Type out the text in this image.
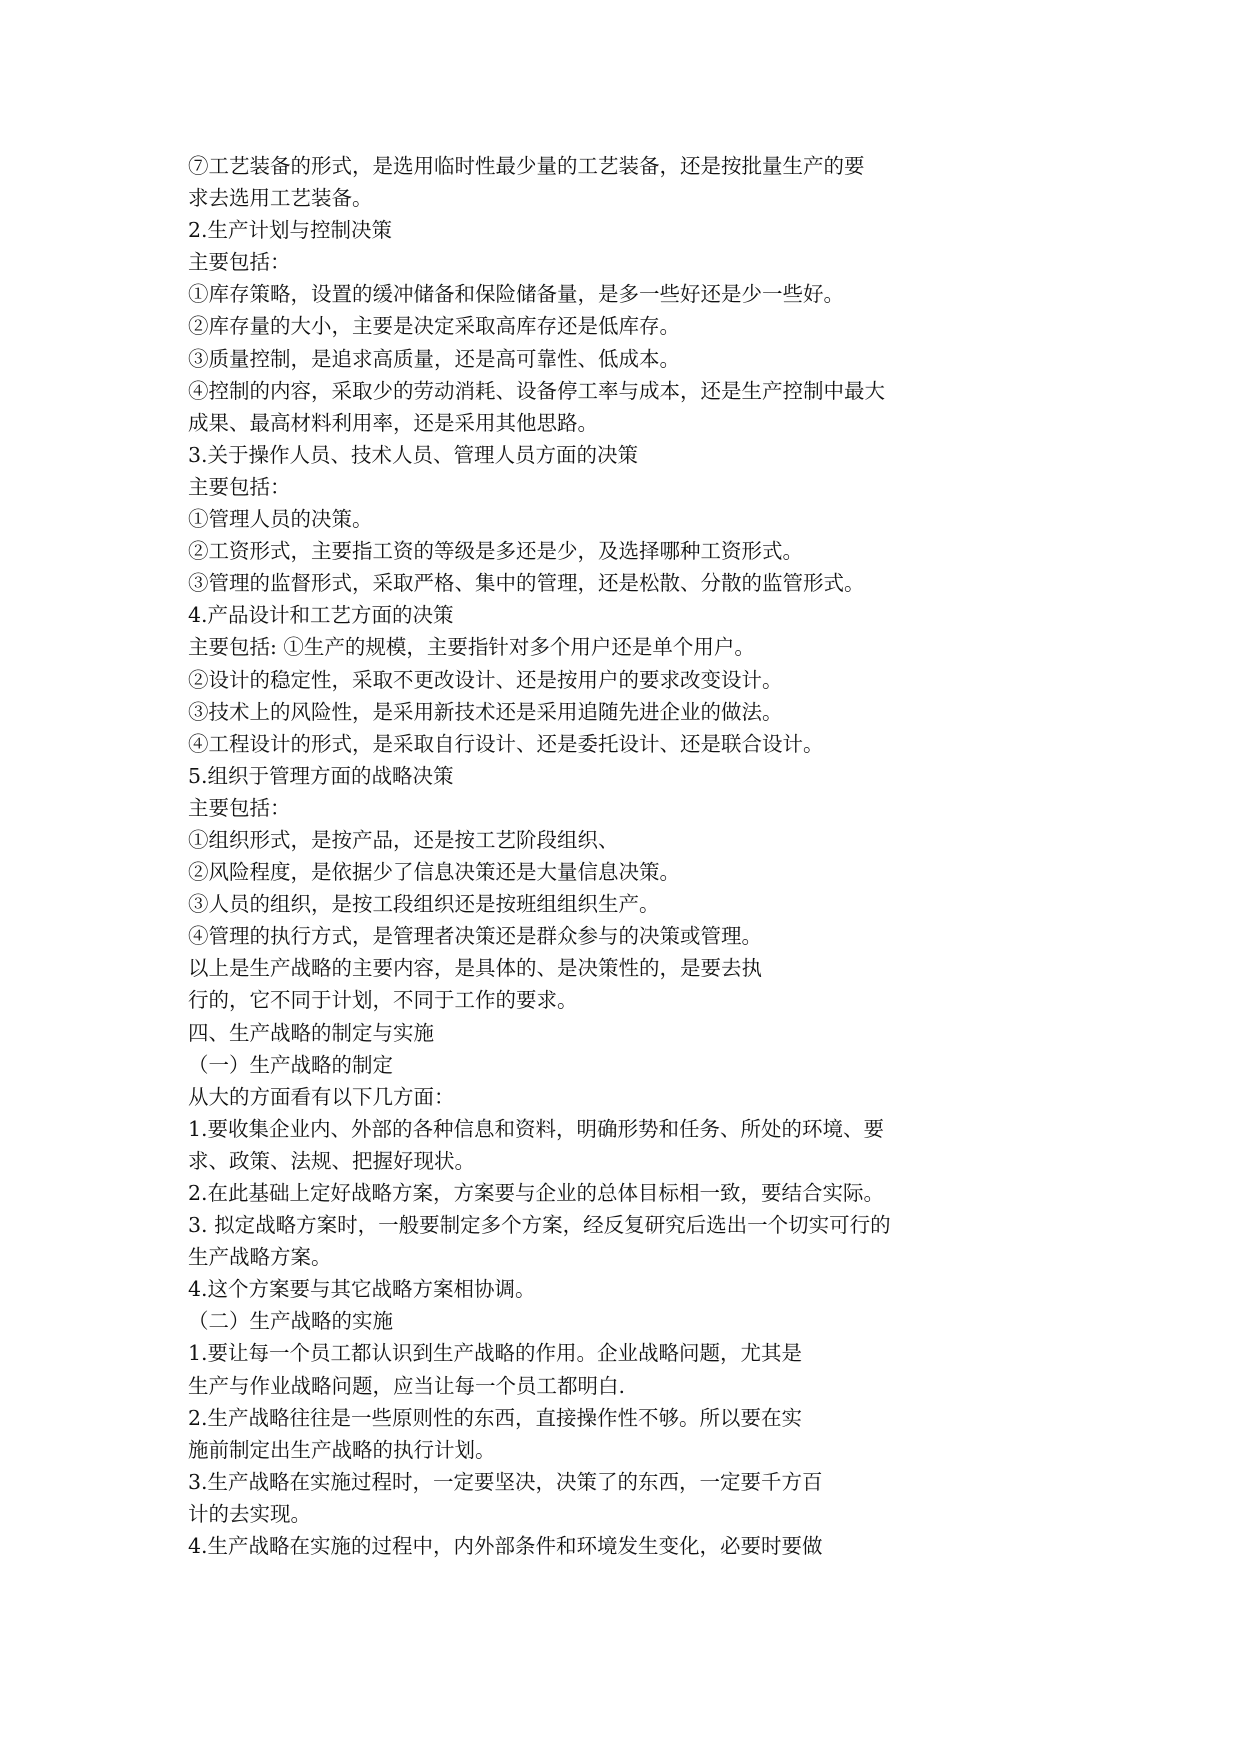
⑦工艺装备的形式，是选用临时性最少量的工艺装备，还是按批量生产的要

求去选用工艺装备。

2.生产计划与控制决策

主要包括：

①库存策略，设置的缓冲储备和保险储备量，是多一些好还是少一些好。

②库存量的大小，主要是决定采取高库存还是低库存。

③质量控制，是追求高质量，还是高可靠性、低成本。

④控制的内容，采取少的劳动消耗、设备停工率与成本，还是生产控制中最大

成果、最高材料利用率，还是采用其他思路。

3.关于操作人员、技术人员、管理人员方面的决策

主要包括：

①管理人员的决策。

②工资形式，主要指工资的等级是多还是少，及选择哪种工资形式。

③管理的监督形式，采取严格、集中的管理，还是松散、分散的监管形式。

4.产品设计和工艺方面的决策

主要包括: ①生产的规模，主要指针对多个用户还是单个用户。

②设计的稳定性，采取不更改设计、还是按用户的要求改变设计。

③技术上的风险性，是采用新技术还是采用追随先进企业的做法。

④工程设计的形式，是采取自行设计、还是委托设计、还是联合设计。

5.组织于管理方面的战略决策

主要包括：

①组织形式，是按产品，还是按工艺阶段组织、

②风险程度，是依据少了信息决策还是大量信息决策。

③人员的组织，是按工段组织还是按班组组织生产。

④管理的执行方式，是管理者决策还是群众参与的决策或管理。

以上是生产战略的主要内容，是具体的、是决策性的，是要去执

行的，它不同于计划，不同于工作的要求。

四、生产战略的制定与实施

（一）生产战略的制定

从大的方面看有以下几方面：

1.要收集企业内、外部的各种信息和资料，明确形势和任务、所处的环境、要

求、政策、法规、把握好现状。

2.在此基础上定好战略方案，方案要与企业的总体目标相一致，要结合实际。

3. 拟定战略方案时，一般要制定多个方案，经反复研究后选出一个切实可行的

生产战略方案。

4.这个方案要与其它战略方案相协调。

（二）生产战略的实施

1.要让每一个员工都认识到生产战略的作用。企业战略问题，尤其是

生产与作业战略问题，应当让每一个员工都明白.

2.生产战略往往是一些原则性的东西，直接操作性不够。所以要在实

施前制定出生产战略的执行计划。

3.生产战略在实施过程时，一定要坚决，决策了的东西，一定要千方百

计的去实现。

4.生产战略在实施的过程中，内外部条件和环境发生变化，必要时要做
